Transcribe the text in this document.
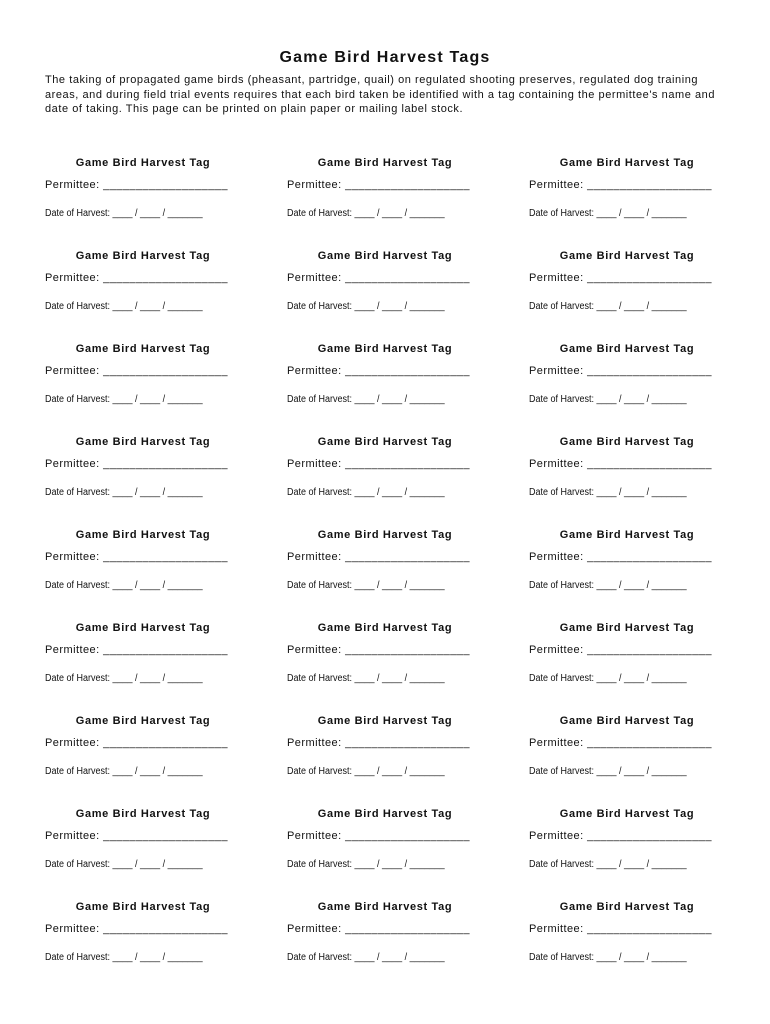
Game Bird Harvest Tags

The taking of propagated game birds (pheasant, partridge, quail) on regulated shooting preserves, regulated dog training areas, and during field trial events requires that each bird taken be identified with a tag containing the permittee's name and date of taking. This page can be printed on plain paper or mailing label stock.

Game Bird Harvest Tag
Permittee: ___________________
Date of Harvest: ____ / ____ / _______
Game Bird Harvest Tag
Permittee: ___________________
Date of Harvest: ____ / ____ / _______
Game Bird Harvest Tag
Permittee: ___________________
Date of Harvest: ____ / ____ / _______
Game Bird Harvest Tag
Permittee: ___________________
Date of Harvest: ____ / ____ / _______
Game Bird Harvest Tag
Permittee: ___________________
Date of Harvest: ____ / ____ / _______
Game Bird Harvest Tag
Permittee: ___________________
Date of Harvest: ____ / ____ / _______
Game Bird Harvest Tag
Permittee: ___________________
Date of Harvest: ____ / ____ / _______
Game Bird Harvest Tag
Permittee: ___________________
Date of Harvest: ____ / ____ / _______
Game Bird Harvest Tag
Permittee: ___________________
Date of Harvest: ____ / ____ / _______
Game Bird Harvest Tag
Permittee: ___________________
Date of Harvest: ____ / ____ / _______
Game Bird Harvest Tag
Permittee: ___________________
Date of Harvest: ____ / ____ / _______
Game Bird Harvest Tag
Permittee: ___________________
Date of Harvest: ____ / ____ / _______
Game Bird Harvest Tag
Permittee: ___________________
Date of Harvest: ____ / ____ / _______
Game Bird Harvest Tag
Permittee: ___________________
Date of Harvest: ____ / ____ / _______
Game Bird Harvest Tag
Permittee: ___________________
Date of Harvest: ____ / ____ / _______
Game Bird Harvest Tag
Permittee: ___________________
Date of Harvest: ____ / ____ / _______
Game Bird Harvest Tag
Permittee: ___________________
Date of Harvest: ____ / ____ / _______
Game Bird Harvest Tag
Permittee: ___________________
Date of Harvest: ____ / ____ / _______
Game Bird Harvest Tag
Permittee: ___________________
Date of Harvest: ____ / ____ / _______
Game Bird Harvest Tag
Permittee: ___________________
Date of Harvest: ____ / ____ / _______
Game Bird Harvest Tag
Permittee: ___________________
Date of Harvest: ____ / ____ / _______
Game Bird Harvest Tag
Permittee: ___________________
Date of Harvest: ____ / ____ / _______
Game Bird Harvest Tag
Permittee: ___________________
Date of Harvest: ____ / ____ / _______
Game Bird Harvest Tag
Permittee: ___________________
Date of Harvest: ____ / ____ / _______
Game Bird Harvest Tag
Permittee: ___________________
Date of Harvest: ____ / ____ / _______
Game Bird Harvest Tag
Permittee: ___________________
Date of Harvest: ____ / ____ / _______
Game Bird Harvest Tag
Permittee: ___________________
Date of Harvest: ____ / ____ / _______
